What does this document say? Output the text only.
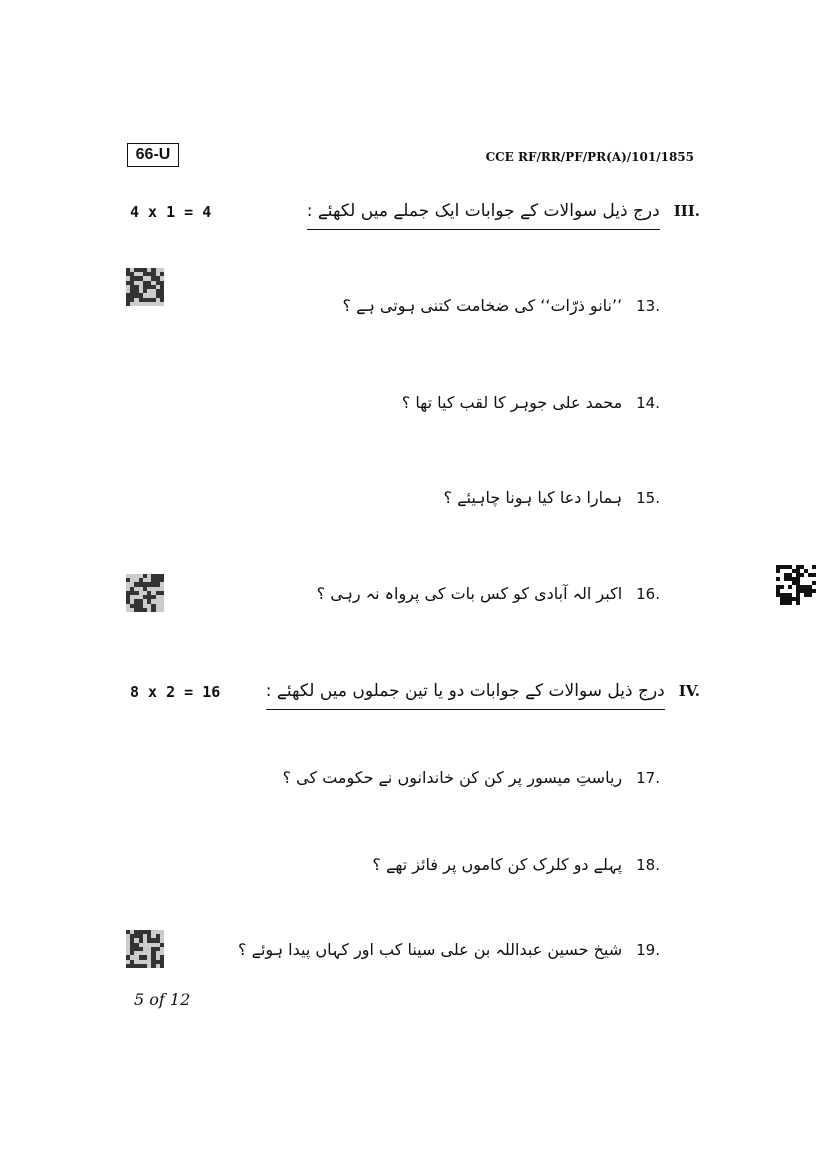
66-U	CCE RF/RR/PF/PR(A)/101/1855
4 x 1 = 4	III.
درج ذیل سوالات کے جوابات ایک جملے میں لکھئے :
13.
’’نانو ذرّات‘‘ کی ضخامت کتنی ہوتی ہے ؟
14.
محمد علی جوہر کا لقب کیا تھا ؟
15.
ہمارا دعا کیا ہونا چاہیئے ؟
16.
اکبر الہ آبادی کو کس بات کی پرواہ نہ رہی ؟
8 x 2 = 16	IV.
درج ذیل سوالات کے جوابات دو یا تین جملوں میں لکھئے :
17.
ریاستِ میسور پر کن کن خاندانوں نے حکومت کی ؟
18.
پہلے دو کلرک کن کاموں پر فائز تھے ؟
19.
شیخ حسین عبداللہ بن علی سینا کب اور کہاں پیدا ہوئے ؟
5 of 12
